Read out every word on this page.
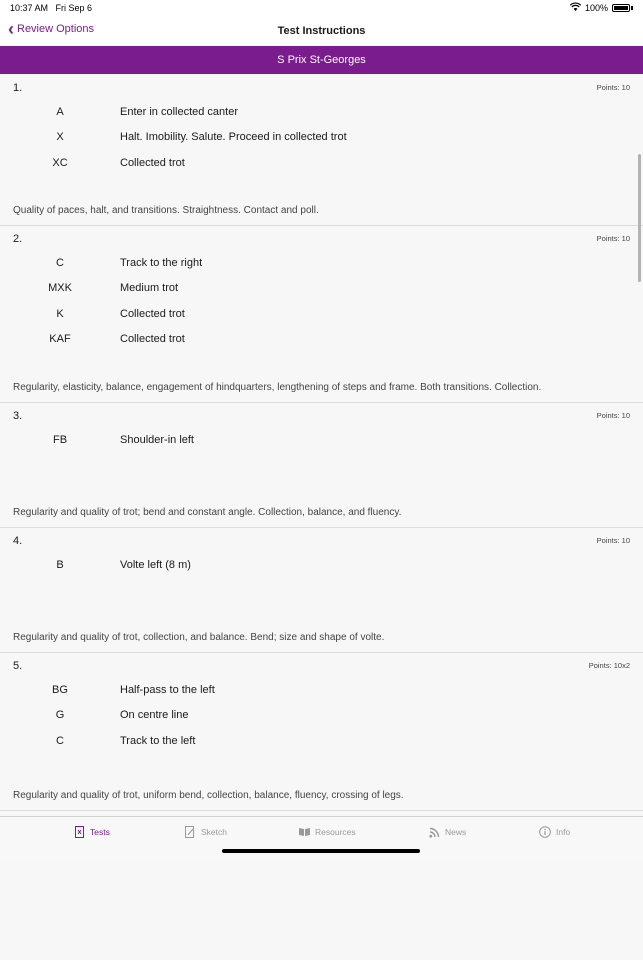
10:37 AM Fri Sep 6	100%
‹ Review Options	Test Instructions
S Prix St-Georges
1.	Points: 10
A	Enter in collected canter
X	Halt. Imobility. Salute. Proceed in collected trot
XC	Collected trot
Quality of paces, halt, and transitions. Straightness. Contact and poll.
2.	Points: 10
C	Track to the right
MXK	Medium trot
K	Collected trot
KAF	Collected trot
Regularity, elasticity, balance, engagement of hindquarters, lengthening of steps and frame. Both transitions. Collection.
3.	Points: 10
FB	Shoulder-in left
Regularity and quality of trot; bend and constant angle. Collection, balance, and fluency.
4.	Points: 10
B	Volte left (8 m)
Regularity and quality of trot, collection, and balance. Bend; size and shape of volte.
5.	Points: 10x2
BG	Half-pass to the left
G	On centre line
C	Track to the left
Regularity and quality of trot, uniform bend, collection, balance, fluency, crossing of legs.
Tests	Sketch	Resources	News	Info
